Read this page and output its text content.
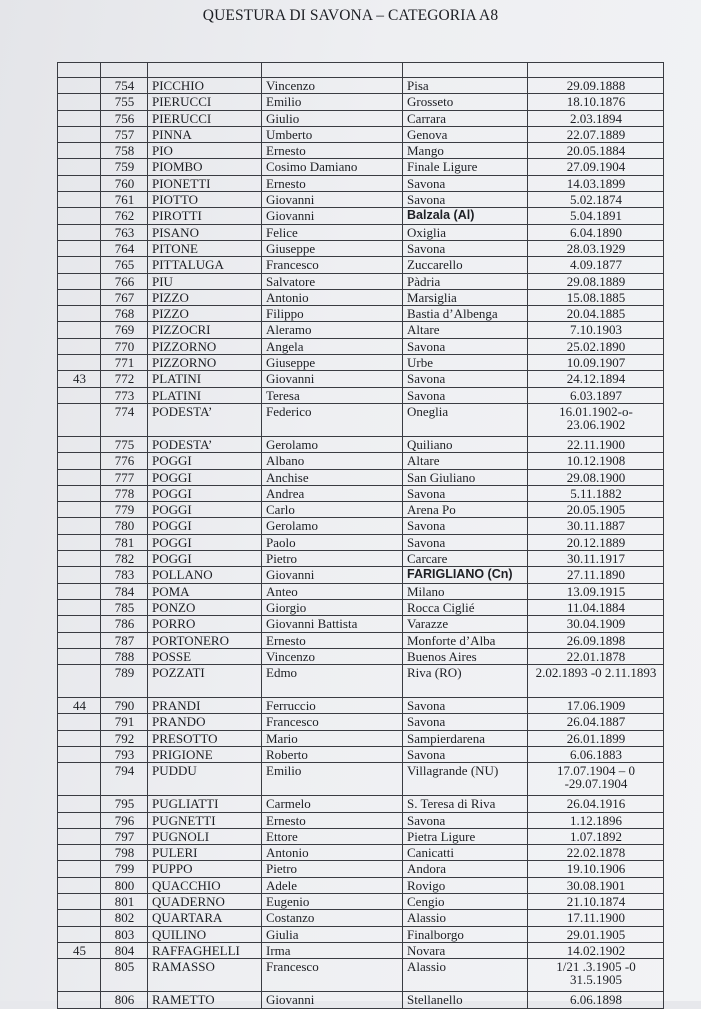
QUESTURA DI SAVONA – CATEGORIA A8

	754	PICCHIO	Vincenzo	Pisa	29.09.1888
	755	PIERUCCI	Emilio	Grosseto	18.10.1876
	756	PIERUCCI	Giulio	Carrara	2.03.1894
	757	PINNA	Umberto	Genova	22.07.1889
	758	PIO	Ernesto	Mango	20.05.1884
	759	PIOMBO	Cosimo Damiano	Finale Ligure	27.09.1904
	760	PIONETTI	Ernesto	Savona	14.03.1899
	761	PIOTTO	Giovanni	Savona	5.02.1874
	762	PIROTTI	Giovanni	Balzala (Al)	5.04.1891
	763	PISANO	Felice	Oxiglia	6.04.1890
	764	PITONE	Giuseppe	Savona	28.03.1929
	765	PITTALUGA	Francesco	Zuccarello	4.09.1877
	766	PIU	Salvatore	Pàdria	29.08.1889
	767	PIZZO	Antonio	Marsiglia	15.08.1885
	768	PIZZO	Filippo	Bastia d’Albenga	20.04.1885
	769	PIZZOCRI	Aleramo	Altare	7.10.1903
	770	PIZZORNO	Angela	Savona	25.02.1890
	771	PIZZORNO	Giuseppe	Urbe	10.09.1907
43	772	PLATINI	Giovanni	Savona	24.12.1894
	773	PLATINI	Teresa	Savona	6.03.1897
	774	PODESTA’	Federico	Oneglia	16.01.1902-o-23.06.1902
	775	PODESTA’	Gerolamo	Quiliano	22.11.1900
	776	POGGI	Albano	Altare	10.12.1908
	777	POGGI	Anchise	San Giuliano	29.08.1900
	778	POGGI	Andrea	Savona	5.11.1882
	779	POGGI	Carlo	Arena Po	20.05.1905
	780	POGGI	Gerolamo	Savona	30.11.1887
	781	POGGI	Paolo	Savona	20.12.1889
	782	POGGI	Pietro	Carcare	30.11.1917
	783	POLLANO	Giovanni	FARIGLIANO (Cn)	27.11.1890
	784	POMA	Anteo	Milano	13.09.1915
	785	PONZO	Giorgio	Rocca Ciglié	11.04.1884
	786	PORRO	Giovanni Battista	Varazze	30.04.1909
	787	PORTONERO	Ernesto	Monforte d’Alba	26.09.1898
	788	POSSE	Vincenzo	Buenos Aires	22.01.1878
	789	POZZATI	Edmo	Riva (RO)	2.02.1893 -0 2.11.1893
44	790	PRANDI	Ferruccio	Savona	17.06.1909
	791	PRANDO	Francesco	Savona	26.04.1887
	792	PRESOTTO	Mario	Sampierdarena	26.01.1899
	793	PRIGIONE	Roberto	Savona	6.06.1883
	794	PUDDU	Emilio	Villagrande (NU)	17.07.1904 – 0 -29.07.1904
	795	PUGLIATTI	Carmelo	S. Teresa di Riva	26.04.1916
	796	PUGNETTI	Ernesto	Savona	1.12.1896
	797	PUGNOLI	Ettore	Pietra Ligure	1.07.1892
	798	PULERI	Antonio	Canicatti	22.02.1878
	799	PUPPO	Pietro	Andora	19.10.1906
	800	QUACCHIO	Adele	Rovigo	30.08.1901
	801	QUADERNO	Eugenio	Cengio	21.10.1874
	802	QUARTARA	Costanzo	Alassio	17.11.1900
	803	QUILINO	Giulia	Finalborgo	29.01.1905
45	804	RAFFAGHELLI	Irma	Novara	14.02.1902
	805	RAMASSO	Francesco	Alassio	1/21 .3.1905 -0 31.5.1905
	806	RAMETTO	Giovanni	Stellanello	6.06.1898
